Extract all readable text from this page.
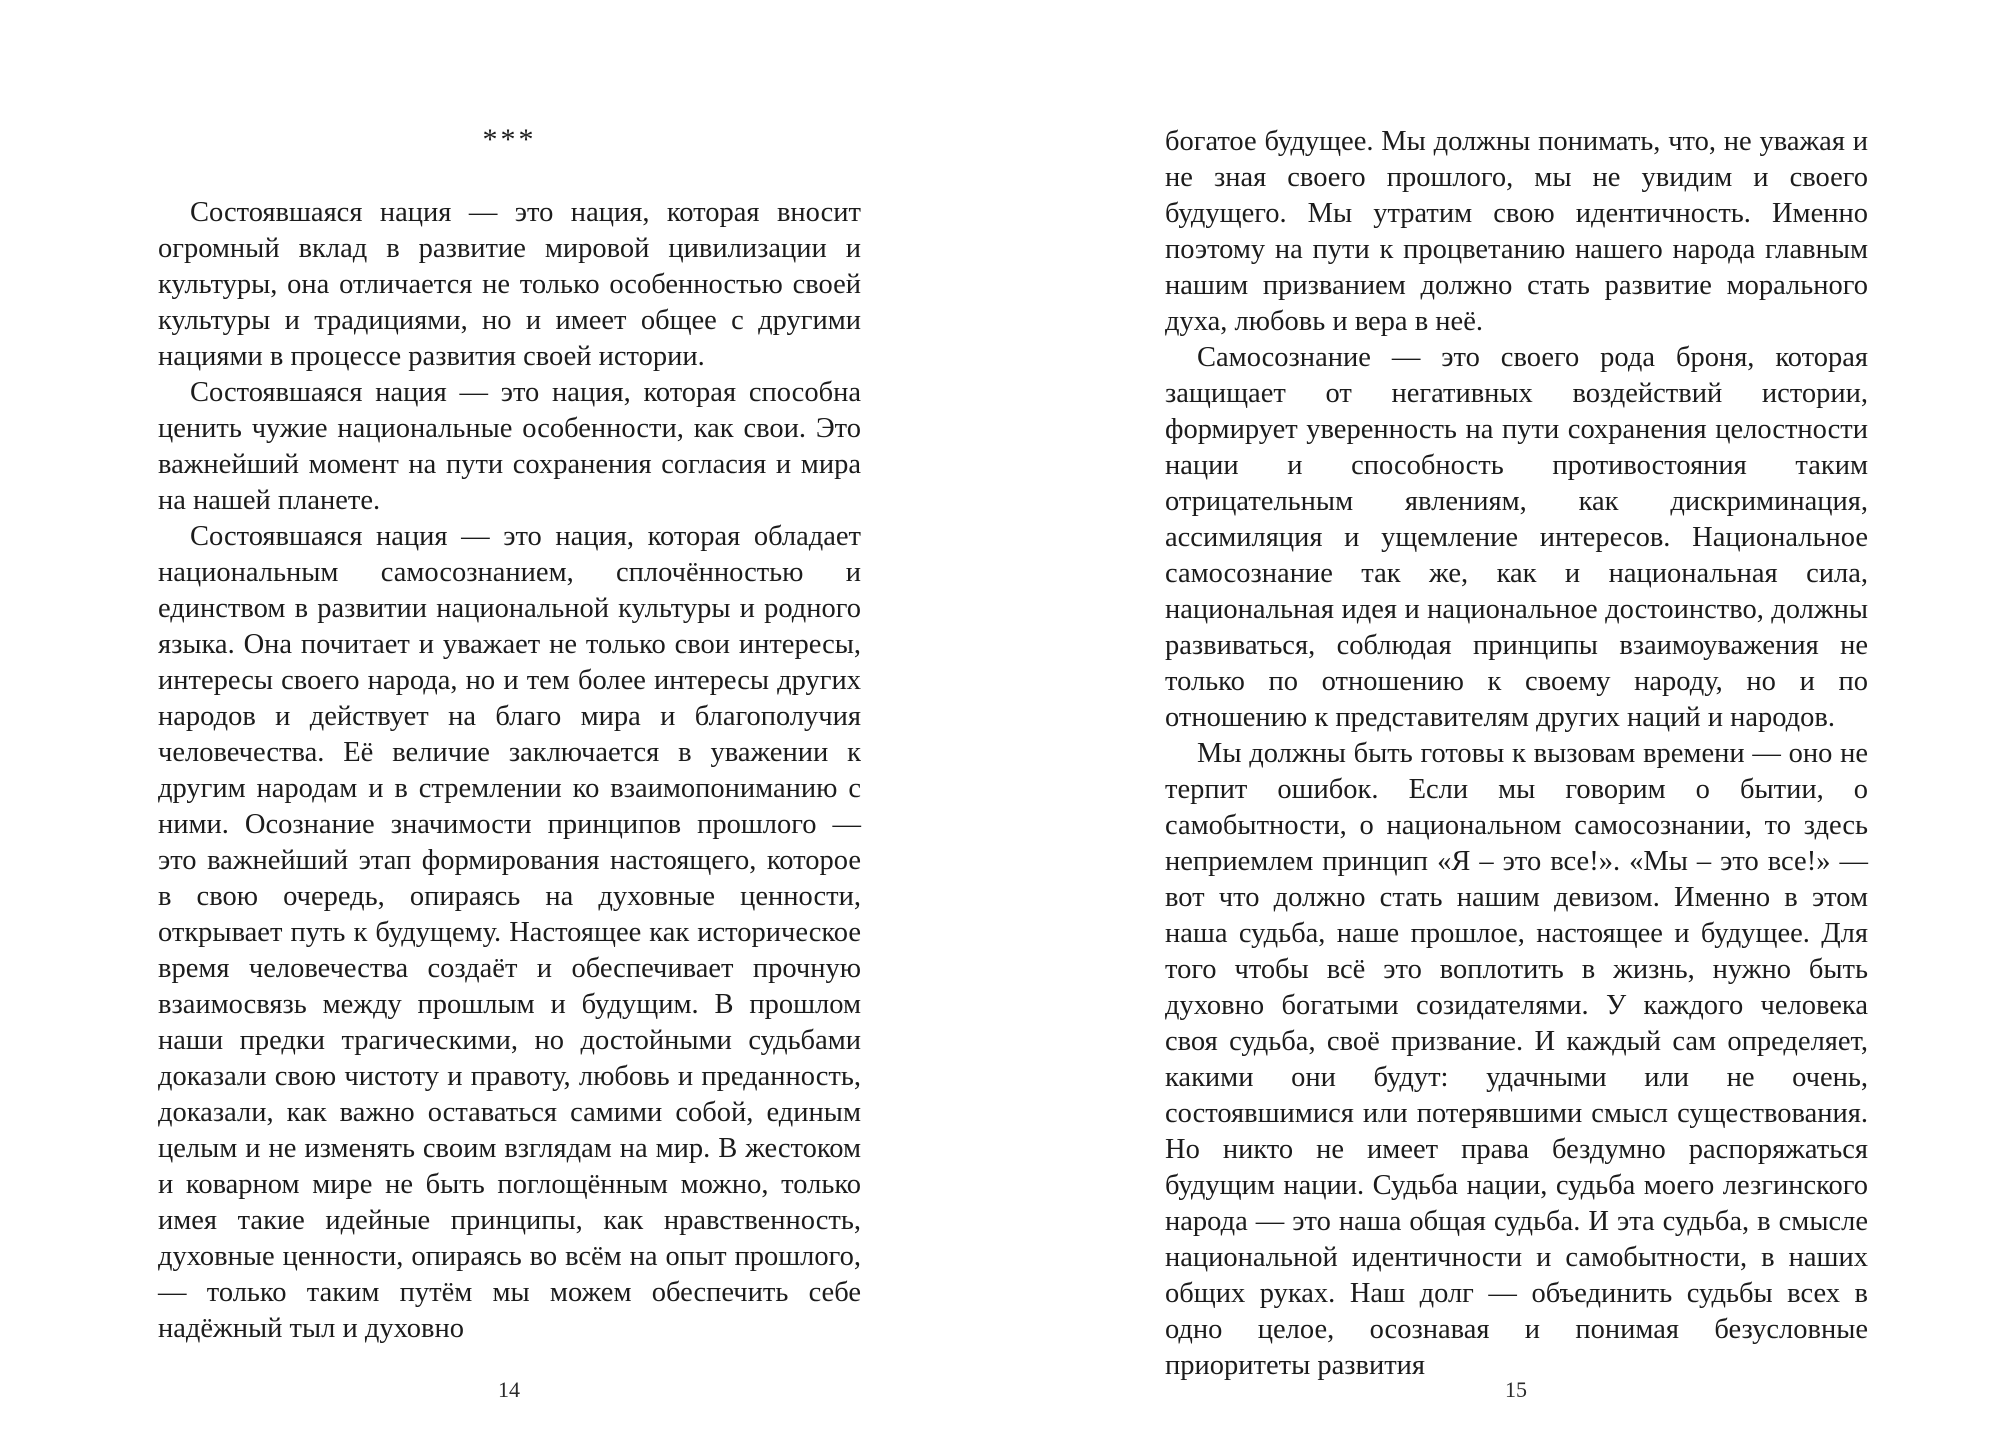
***

Состоявшаяся нация — это нация, которая вносит огромный вклад в развитие мировой цивилизации и культуры, она отличается не только особенностью своей культуры и традициями, но и имеет общее с другими нациями в процессе развития своей истории.

Состоявшаяся нация — это нация, которая способна ценить чужие национальные особенности, как свои. Это важнейший момент на пути сохранения согласия и мира на нашей планете.

Состоявшаяся нация — это нация, которая обладает национальным самосознанием, сплочённостью и единством в развитии национальной культуры и родного языка. Она почитает и уважает не только свои интересы, интересы своего народа, но и тем более интересы других народов и действует на благо мира и благополучия человечества. Её величие заключается в уважении к другим народам и в стремлении ко взаимопониманию с ними. Осознание значимости принципов прошлого — это важнейший этап формирования настоящего, которое в свою очередь, опираясь на духовные ценности, открывает путь к будущему. Настоящее как историческое время человечества создаёт и обеспечивает прочную взаимосвязь между прошлым и будущим. В прошлом наши предки трагическими, но достойными судьбами доказали свою чистоту и правоту, любовь и преданность, доказали, как важно оставаться самими собой, единым целым и не изменять своим взглядам на мир. В жестоком и коварном мире не быть поглощённым можно, только имея такие идейные принципы, как нравственность, духовные ценности, опираясь во всём на опыт прошлого, — только таким путём мы можем обеспечить себе надёжный тыл и духовно

14

богатое будущее. Мы должны понимать, что, не уважая и не зная своего прошлого, мы не увидим и своего будущего. Мы утратим свою идентичность. Именно поэтому на пути к процветанию нашего народа главным нашим призванием должно стать развитие морального духа, любовь и вера в неё.

Самосознание — это своего рода броня, которая защищает от негативных воздействий истории, формирует уверенность на пути сохранения целостности нации и способность противостояния таким отрицательным явлениям, как дискриминация, ассимиляция и ущемление интересов. Национальное самосознание так же, как и национальная сила, национальная идея и национальное достоинство, должны развиваться, соблюдая принципы взаимоуважения не только по отношению к своему народу, но и по отношению к представителям других наций и народов.

Мы должны быть готовы к вызовам времени — оно не терпит ошибок. Если мы говорим о бытии, о самобытности, о национальном самосознании, то здесь неприемлем принцип «Я – это все!». «Мы – это все!» — вот что должно стать нашим девизом. Именно в этом наша судьба, наше прошлое, настоящее и будущее. Для того чтобы всё это воплотить в жизнь, нужно быть духовно богатыми созидателями. У каждого человека своя судьба, своё призвание. И каждый сам определяет, какими они будут: удачными или не очень, состоявшимися или потерявшими смысл существования. Но никто не имеет права бездумно распоряжаться будущим нации. Судьба нации, судьба моего лезгинского народа — это наша общая судьба. И эта судьба, в смысле национальной идентичности и самобытности, в наших общих руках. Наш долг — объединить судьбы всех в одно целое, осознавая и понимая безусловные приоритеты развития

15
